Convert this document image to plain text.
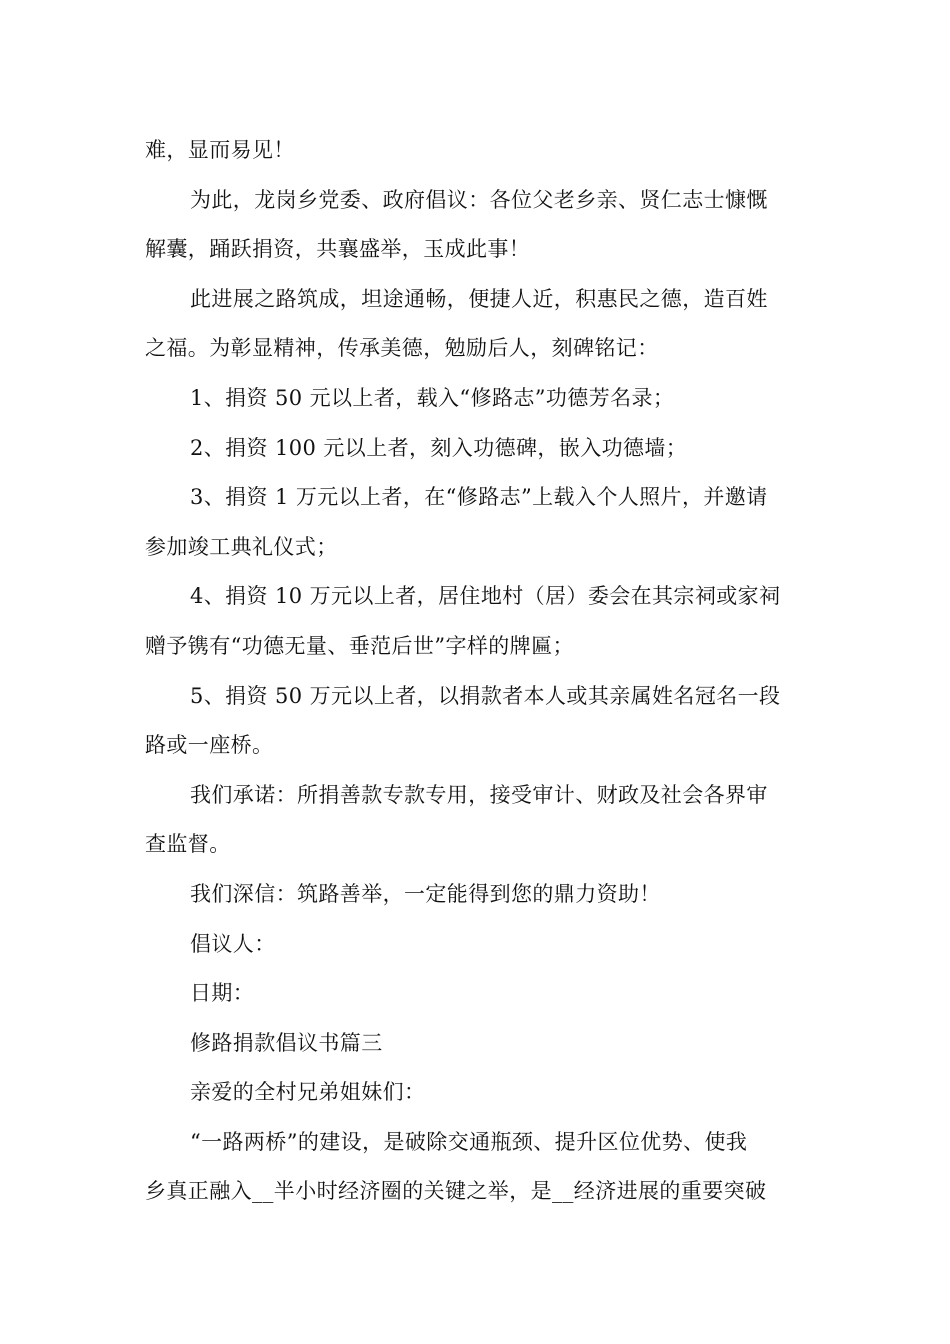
难，显而易见！

为此，龙岗乡党委、政府倡议：各位父老乡亲、贤仁志士慷慨

解囊，踊跃捐资，共襄盛举，玉成此事！

此进展之路筑成，坦途通畅，便捷人近，积惠民之德，造百姓

之福。为彰显精神，传承美德，勉励后人，刻碑铭记：

1、捐资 50 元以上者，载入“修路志”功德芳名录；

2、捐资 100 元以上者，刻入功德碑，嵌入功德墙；

3、捐资 1 万元以上者，在“修路志”上载入个人照片，并邀请

参加竣工典礼仪式；

4、捐资 10 万元以上者，居住地村（居）委会在其宗祠或家祠

赠予镌有“功德无量、垂范后世”字样的牌匾；

5、捐资 50 万元以上者，以捐款者本人或其亲属姓名冠名一段

路或一座桥。

我们承诺：所捐善款专款专用，接受审计、财政及社会各界审

查监督。

我们深信：筑路善举，一定能得到您的鼎力资助！

倡议人：

日期：

修路捐款倡议书篇三

亲爱的全村兄弟姐妹们：

“一路两桥”的建设，是破除交通瓶颈、提升区位优势、使我

乡真正融入__半小时经济圈的关键之举，是__经济进展的重要突破
